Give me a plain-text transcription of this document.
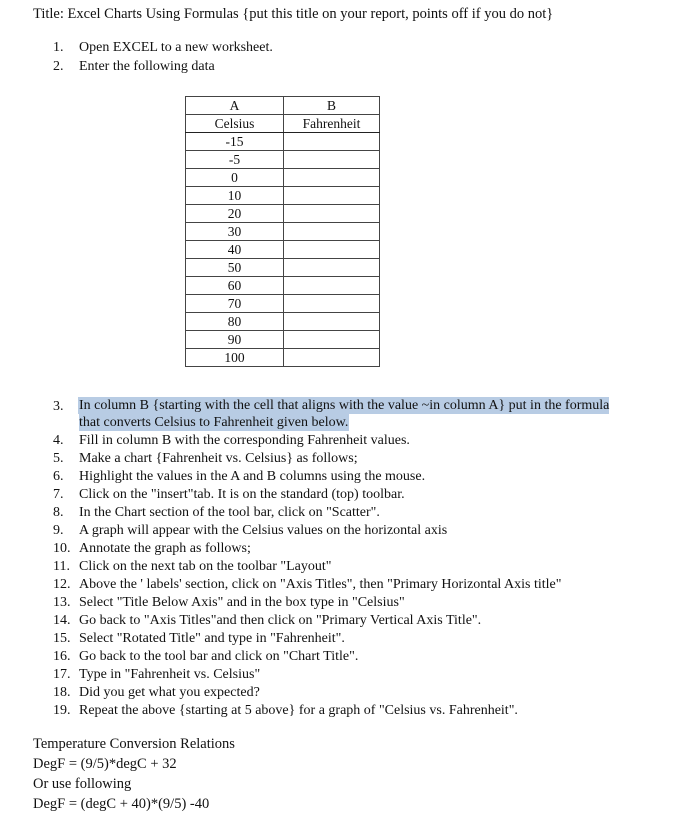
Title: Excel Charts Using Formulas {put this title on your report, points off if you do not}
1. Open EXCEL to a new worksheet.
2. Enter the following data
A	B
Celsius	Fahrenheit
-15	
-5	
0	
10	
20	
30	
40	
50	
60	
70	
80	
90	
100	
3.	In column B {starting with the cell that aligns with the value ~in column A} put in the formula that converts Celsius to Fahrenheit given below.
4. Fill in column B with the corresponding Fahrenheit values.
5. Make a chart {Fahrenheit vs. Celsius} as follows;
6. Highlight the values in the A and B columns using the mouse.
7. Click on the "insert"tab. It is on the standard (top) toolbar.
8. In the Chart section of the tool bar, click on "Scatter".
9. A graph will appear with the Celsius values on the horizontal axis
10. Annotate the graph as follows;
11. Click on the next tab on the toolbar "Layout"
12. Above the ' labels' section, click on "Axis Titles", then "Primary Horizontal Axis title"
13. Select "Title Below Axis" and in the box type in "Celsius"
14. Go back to "Axis Titles"and then click on "Primary Vertical Axis Title".
15. Select "Rotated Title" and type in "Fahrenheit".
16. Go back to the tool bar and click on "Chart Title".
17. Type in "Fahrenheit vs. Celsius"
18. Did you get what you expected?
19. Repeat the above {starting at 5 above} for a graph of "Celsius vs. Fahrenheit".
Temperature Conversion Relations
DegF = (9/5)*degC + 32
Or use following
DegF = (degC + 40)*(9/5) -40
